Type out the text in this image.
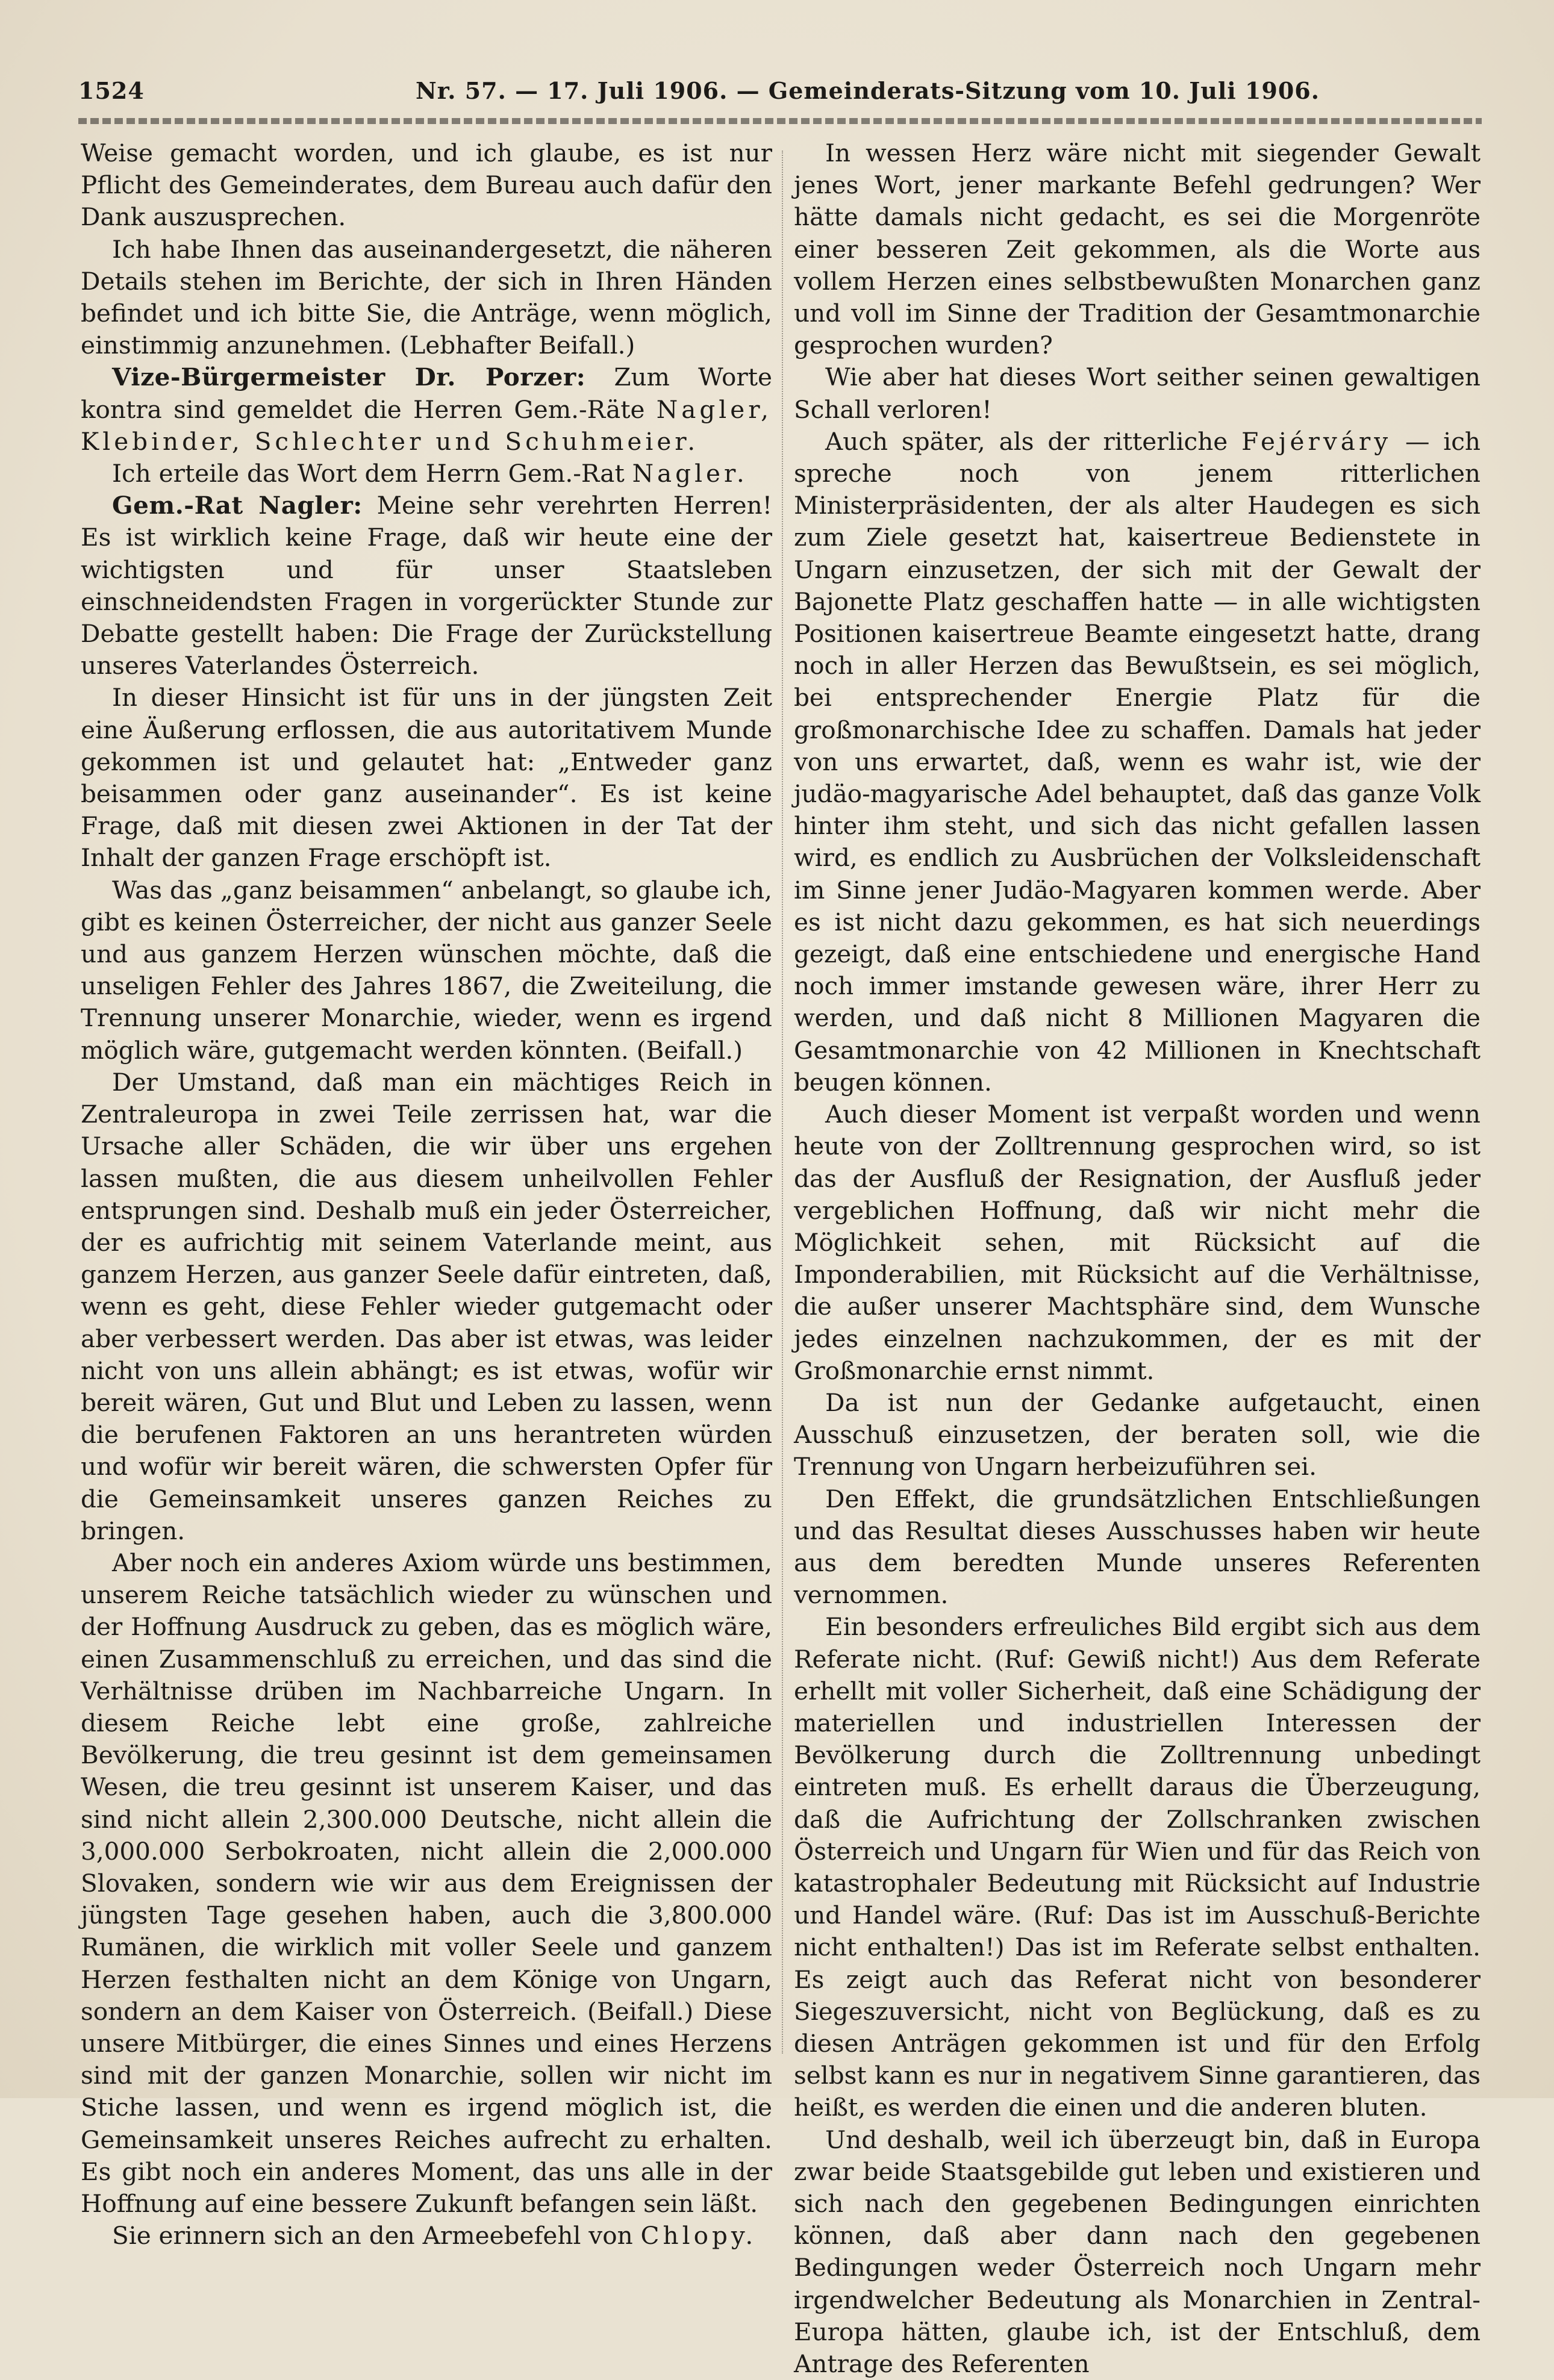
1524	Nr. 57. — 17. Juli 1906. — Gemeinderats-Sitzung vom 10. Juli 1906.

Weise gemacht worden, und ich glaube, es ist nur Pflicht des Gemeinderates, dem Bureau auch dafür den Dank auszusprechen.

Ich habe Ihnen das auseinandergesetzt, die näheren Details stehen im Berichte, der sich in Ihren Händen befindet und ich bitte Sie, die Anträge, wenn möglich, einstimmig anzunehmen. (Lebhafter Beifall.)

Vize-Bürgermeister Dr. Porzer: Zum Worte kontra sind gemeldet die Herren Gem.-Räte Nagler, Klebinder, Schlechter und Schuhmeier.

Ich erteile das Wort dem Herrn Gem.-Rat Nagler.

Gem.-Rat Nagler: Meine sehr verehrten Herren! Es ist wirklich keine Frage, daß wir heute eine der wichtigsten und für unser Staatsleben einschneidendsten Fragen in vorgerückter Stunde zur Debatte gestellt haben: Die Frage der Zurückstellung unseres Vaterlandes Österreich.

In dieser Hinsicht ist für uns in der jüngsten Zeit eine Äußerung erflossen, die aus autoritativem Munde gekommen ist und gelautet hat: „Entweder ganz beisammen oder ganz auseinander“. Es ist keine Frage, daß mit diesen zwei Aktionen in der Tat der Inhalt der ganzen Frage erschöpft ist.

Was das „ganz beisammen“ anbelangt, so glaube ich, gibt es keinen Österreicher, der nicht aus ganzer Seele und aus ganzem Herzen wünschen möchte, daß die unseligen Fehler des Jahres 1867, die Zweiteilung, die Trennung unserer Monarchie, wieder, wenn es irgend möglich wäre, gutgemacht werden könnten. (Beifall.)

Der Umstand, daß man ein mächtiges Reich in Zentraleuropa in zwei Teile zerrissen hat, war die Ursache aller Schäden, die wir über uns ergehen lassen mußten, die aus diesem unheilvollen Fehler entsprungen sind. Deshalb muß ein jeder Österreicher, der es aufrichtig mit seinem Vaterlande meint, aus ganzem Herzen, aus ganzer Seele dafür eintreten, daß, wenn es geht, diese Fehler wieder gutgemacht oder aber verbessert werden. Das aber ist etwas, was leider nicht von uns allein abhängt; es ist etwas, wofür wir bereit wären, Gut und Blut und Leben zu lassen, wenn die berufenen Faktoren an uns herantreten würden und wofür wir bereit wären, die schwersten Opfer für die Gemeinsamkeit unseres ganzen Reiches zu bringen.

Aber noch ein anderes Axiom würde uns bestimmen, unserem Reiche tatsächlich wieder zu wünschen und der Hoffnung Ausdruck zu geben, das es möglich wäre, einen Zusammenschluß zu erreichen, und das sind die Verhältnisse drüben im Nachbarreiche Ungarn. In diesem Reiche lebt eine große, zahlreiche Bevölkerung, die treu gesinnt ist dem gemeinsamen Wesen, die treu gesinnt ist unserem Kaiser, und das sind nicht allein 2,300.000 Deutsche, nicht allein die 3,000.000 Serbokroaten, nicht allein die 2,000.000 Slovaken, sondern wie wir aus dem Ereignissen der jüngsten Tage gesehen haben, auch die 3,800.000 Rumänen, die wirklich mit voller Seele und ganzem Herzen festhalten nicht an dem Könige von Ungarn, sondern an dem Kaiser von Österreich. (Beifall.) Diese unsere Mitbürger, die eines Sinnes und eines Herzens sind mit der ganzen Monarchie, sollen wir nicht im Stiche lassen, und wenn es irgend möglich ist, die Gemeinsamkeit unseres Reiches aufrecht zu erhalten. Es gibt noch ein anderes Moment, das uns alle in der Hoffnung auf eine bessere Zukunft befangen sein läßt.

Sie erinnern sich an den Armeebefehl von Chlopy.

In wessen Herz wäre nicht mit siegender Gewalt jenes Wort, jener markante Befehl gedrungen? Wer hätte damals nicht gedacht, es sei die Morgenröte einer besseren Zeit gekommen, als die Worte aus vollem Herzen eines selbstbewußten Monarchen ganz und voll im Sinne der Tradition der Gesamtmonarchie gesprochen wurden?

Wie aber hat dieses Wort seither seinen gewaltigen Schall verloren!

Auch später, als der ritterliche Fejérváry — ich spreche noch von jenem ritterlichen Ministerpräsidenten, der als alter Haudegen es sich zum Ziele gesetzt hat, kaisertreue Bedienstete in Ungarn einzusetzen, der sich mit der Gewalt der Bajonette Platz geschaffen hatte — in alle wichtigsten Positionen kaisertreue Beamte eingesetzt hatte, drang noch in aller Herzen das Bewußtsein, es sei möglich, bei entsprechender Energie Platz für die großmonarchische Idee zu schaffen. Damals hat jeder von uns erwartet, daß, wenn es wahr ist, wie der judäo-magyarische Adel behauptet, daß das ganze Volk hinter ihm steht, und sich das nicht gefallen lassen wird, es endlich zu Ausbrüchen der Volksleidenschaft im Sinne jener Judäo-Magyaren kommen werde. Aber es ist nicht dazu gekommen, es hat sich neuerdings gezeigt, daß eine entschiedene und energische Hand noch immer imstande gewesen wäre, ihrer Herr zu werden, und daß nicht 8 Millionen Magyaren die Gesamtmonarchie von 42 Millionen in Knechtschaft beugen können.

Auch dieser Moment ist verpaßt worden und wenn heute von der Zolltrennung gesprochen wird, so ist das der Ausfluß der Resignation, der Ausfluß jeder vergeblichen Hoffnung, daß wir nicht mehr die Möglichkeit sehen, mit Rücksicht auf die Imponderabilien, mit Rücksicht auf die Verhältnisse, die außer unserer Machtsphäre sind, dem Wunsche jedes einzelnen nachzukommen, der es mit der Großmonarchie ernst nimmt.

Da ist nun der Gedanke aufgetaucht, einen Ausschuß einzusetzen, der beraten soll, wie die Trennung von Ungarn herbeizuführen sei.

Den Effekt, die grundsätzlichen Entschließungen und das Resultat dieses Ausschusses haben wir heute aus dem beredten Munde unseres Referenten vernommen.

Ein besonders erfreuliches Bild ergibt sich aus dem Referate nicht. (Ruf: Gewiß nicht!) Aus dem Referate erhellt mit voller Sicherheit, daß eine Schädigung der materiellen und industriellen Interessen der Bevölkerung durch die Zolltrennung unbedingt eintreten muß. Es erhellt daraus die Überzeugung, daß die Aufrichtung der Zollschranken zwischen Österreich und Ungarn für Wien und für das Reich von katastrophaler Bedeutung mit Rücksicht auf Industrie und Handel wäre. (Ruf: Das ist im Ausschuß-Berichte nicht enthalten!) Das ist im Referate selbst enthalten. Es zeigt auch das Referat nicht von besonderer Siegeszuversicht, nicht von Beglückung, daß es zu diesen Anträgen gekommen ist und für den Erfolg selbst kann es nur in negativem Sinne garantieren, das heißt, es werden die einen und die anderen bluten.

Und deshalb, weil ich überzeugt bin, daß in Europa zwar beide Staatsgebilde gut leben und existieren und sich nach den gegebenen Bedingungen einrichten können, daß aber dann nach den gegebenen Bedingungen weder Österreich noch Ungarn mehr irgendwelcher Bedeutung als Monarchien in Zentral-Europa hätten, glaube ich, ist der Entschluß, dem Antrage des Referenten
